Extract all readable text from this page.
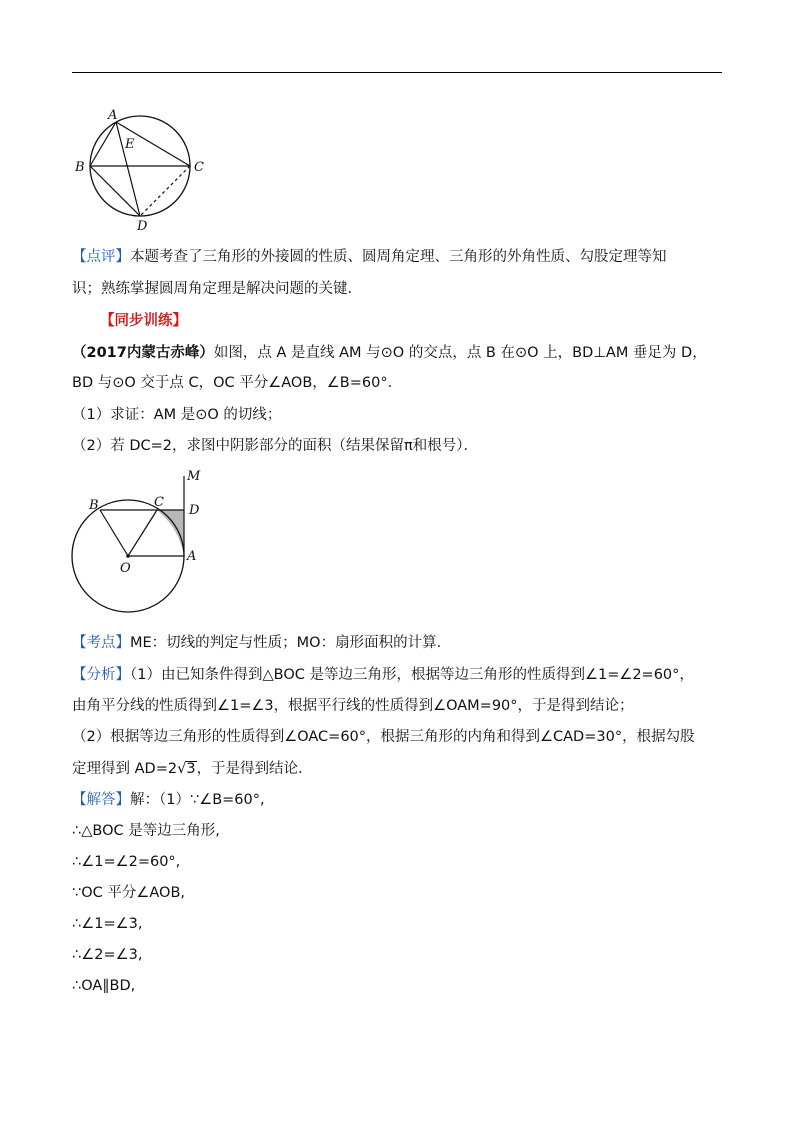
A
B	C
D
E
【点评】本题考查了三角形的外接圆的性质、圆周角定理、三角形的外角性质、勾股定理等知
识；熟练掌握圆周角定理是解决问题的关键．
【同步训练】
（2017内蒙古赤峰）如图，点 A 是直线 AM 与⊙O 的交点，点 B 在⊙O 上，BD⊥AM 垂足为 D，
BD 与⊙O 交于点 C，OC 平分∠AOB，∠B=60°．
（1）求证：AM 是⊙O 的切线；
（2）若 DC=2，求图中阴影部分的面积（结果保留π和根号）．
M
B	C
D
O
A
【考点】ME：切线的判定与性质；MO：扇形面积的计算．
【分析】（1）由已知条件得到△BOC 是等边三角形，根据等边三角形的性质得到∠1=∠2=60°，
由角平分线的性质得到∠1=∠3，根据平行线的性质得到∠OAM=90°，于是得到结论；
（2）根据等边三角形的性质得到∠OAC=60°，根据三角形的内角和得到∠CAD=30°，根据勾股
定理得到 AD=2√3，于是得到结论．
【解答】解：（1）∵∠B=60°,
∴△BOC 是等边三角形,
∴∠1=∠2=60°,
∵OC 平分∠AOB,
∴∠1=∠3,
∴∠2=∠3,
∴OA∥BD,
